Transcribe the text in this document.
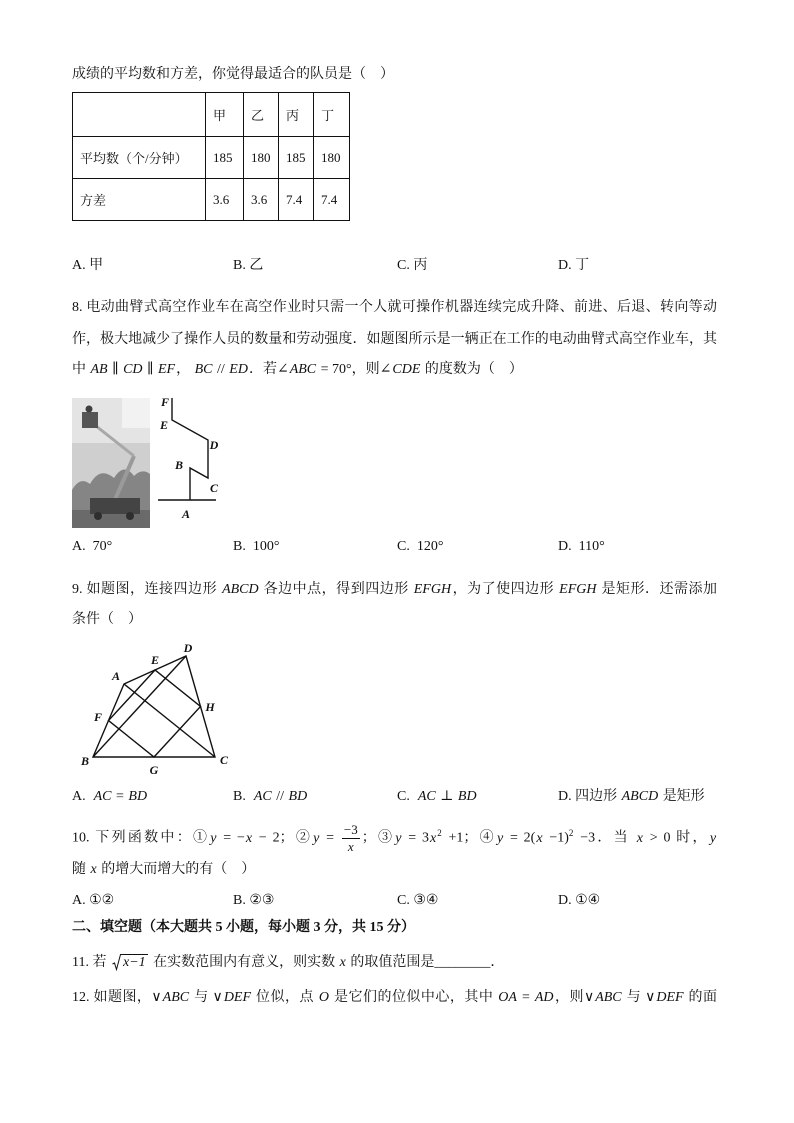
成绩的平均数和方差，你觉得最适合的队员是（    ）
	甲	乙	丙	丁
平均数（个/分钟）	185	180	185	180
方差	3.6	3.6	7.4	7.4
A. 甲	B. 乙	C. 丙	D. 丁
8. 电动曲臂式高空作业车在高空作业时只需一个人就可操作机器连续完成升降、前进、后退、转向等动
作，极大地减少了操作人员的数量和劳动强度．如题图所示是一辆正在工作的电动曲臂式高空作业车，其
中 AB ∥ CD ∥ EF， BC // ED．若∠ABC = 70°，则∠CDE 的度数为（    ）
F
E
D
B
C
A
A.  70°	B.  100°	C.  120°	D.  110°
9. 如题图，连接四边形 ABCD 各边中点，得到四边形 EFGH，为了使四边形 EFGH 是矩形．还需添加
条件（    ）
A
E
D
F
H
B
G
C
A.  AC = BD	B.  AC // BD	C.  AC ⊥ BD	D. 四边形 ABCD 是矩形
10. 下列函数中：①y = −x − 2；②y = $\frac{-3}{x}$ ；③y = $3x^2 +1$；④y = $2(x -1)^2 -3$．当 x > 0 时，y
随 x 的增大而增大的有（    ）
A. ①②	B. ②③	C. ③④	D. ①④
二、填空题（本大题共 5 小题，每小题 3 分，共 15 分）
11. 若 x−1 在实数范围内有意义，则实数 x 的取值范围是________．
12. 如题图，∨ABC 与 ∨DEF 位似，点 O 是它们的位似中心，其中 OA = AD，则∨ABC 与 ∨DEF 的面
